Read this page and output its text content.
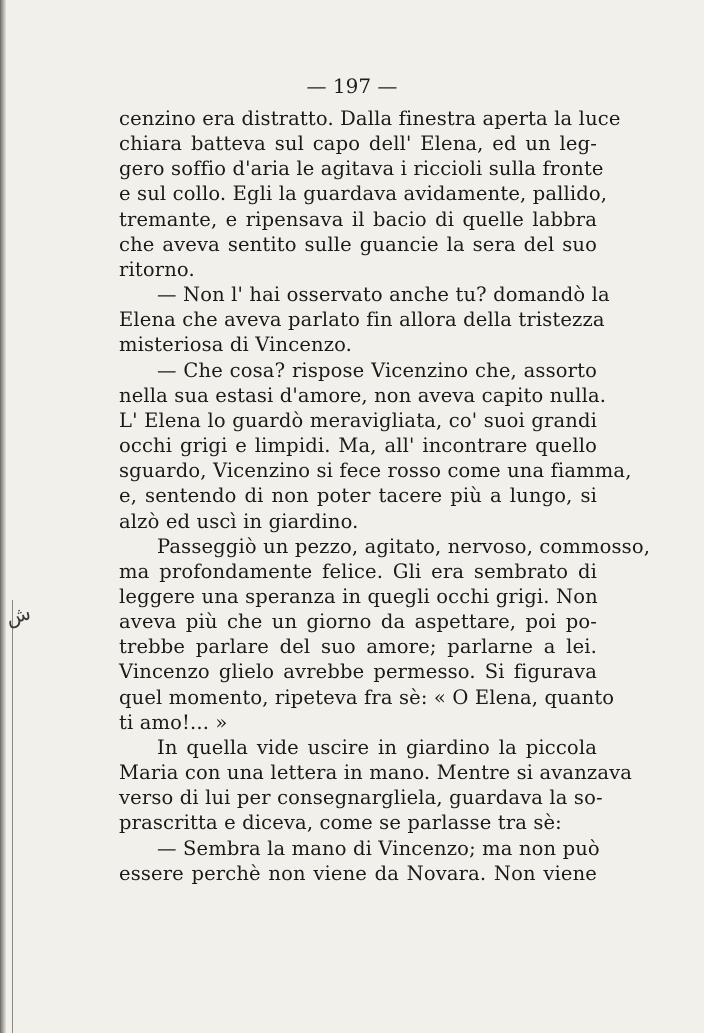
ﺵ
— 197 —
cenzino era distratto. Dalla finestra aperta la luce
chiara batteva sul capo dell' Elena, ed un leg-
gero soffio d'aria le agitava i riccioli sulla fronte
e sul collo. Egli la guardava avidamente, pallido,
tremante, e ripensava il bacio di quelle labbra
che aveva sentito sulle guancie la sera del suo
ritorno.
— Non l' hai osservato anche tu? domandò la
Elena che aveva parlato fin allora della tristezza
misteriosa di Vincenzo.
— Che cosa? rispose Vicenzino che, assorto
nella sua estasi d'amore, non aveva capito nulla.
L' Elena lo guardò meravigliata, co' suoi grandi
occhi grigi e limpidi. Ma, all' incontrare quello
sguardo, Vicenzino si fece rosso come una fiamma,
e, sentendo di non poter tacere più a lungo, si
alzò ed uscì in giardino.
Passeggiò un pezzo, agitato, nervoso, commosso,
ma profondamente felice. Gli era sembrato di
leggere una speranza in quegli occhi grigi. Non
aveva più che un giorno da aspettare, poi po-
trebbe parlare del suo amore; parlarne a lei.
Vincenzo glielo avrebbe permesso. Si figurava
quel momento, ripeteva fra sè: « O Elena, quanto
ti amo!... »
In quella vide uscire in giardino la piccola
Maria con una lettera in mano. Mentre si avanzava
verso di lui per consegnargliela, guardava la so-
prascritta e diceva, come se parlasse tra sè:
— Sembra la mano di Vincenzo; ma non può
essere perchè non viene da Novara. Non viene
